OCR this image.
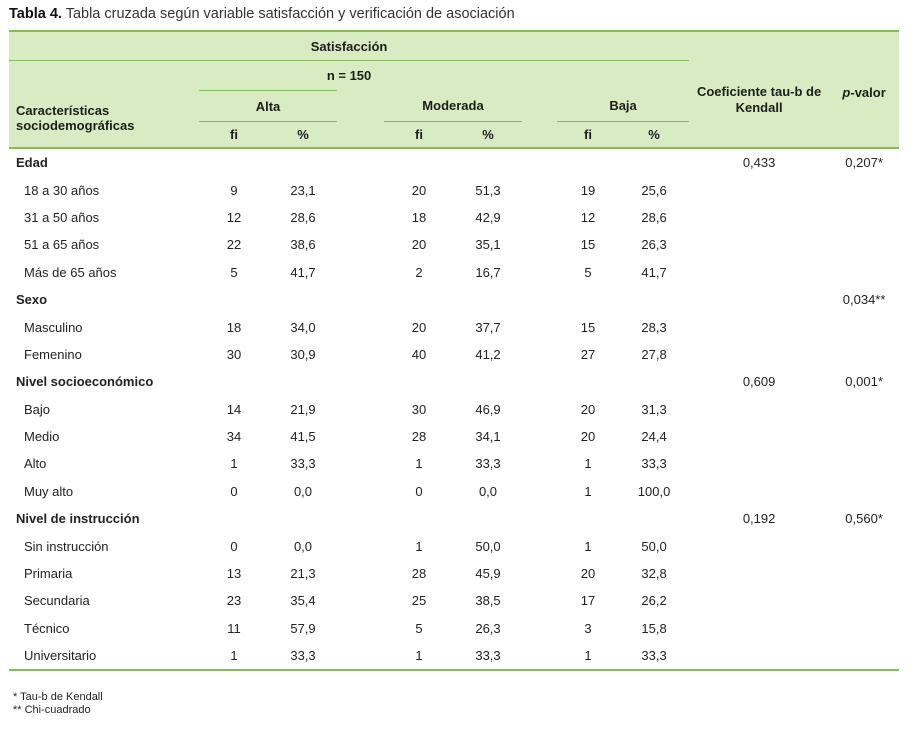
Tabla 4. Tabla cruzada según variable satisfacción y verificación de asociación
Satisfacción									Coeficiente tau-b de Kendall	p-valor	
n = 150											
Características sociodemográficas	Alta			Moderada			Baja				
	fi	%		fi	%		fi	%			
Edad									0,433	0,207*	
18 a 30 años	9	23,1		20	51,3		19	25,6			
31 a 50 años	12	28,6		18	42,9		12	28,6			
51 a 65 años	22	38,6		20	35,1		15	26,3			
Más de 65 años	5	41,7		2	16,7		5	41,7			
Sexo										0,034**	
Masculino	18	34,0		20	37,7		15	28,3			
Femenino	30	30,9		40	41,2		27	27,8			
Nivel socioeconómico									0,609	0,001*	
Bajo	14	21,9		30	46,9		20	31,3			
Medio	34	41,5		28	34,1		20	24,4			
Alto	1	33,3		1	33,3		1	33,3			
Muy alto	0	0,0		0	0,0		1	100,0			
Nivel de instrucción									0,192	0,560*	
Sin instrucción	0	0,0		1	50,0		1	50,0			
Primaria	13	21,3		28	45,9		20	32,8			
Secundaria	23	35,4		25	38,5		17	26,2			
Técnico	11	57,9		5	26,3		3	15,8			
Universitario	1	33,3		1	33,3		1	33,3			
* Tau-b de Kendall
** Chi-cuadrado
